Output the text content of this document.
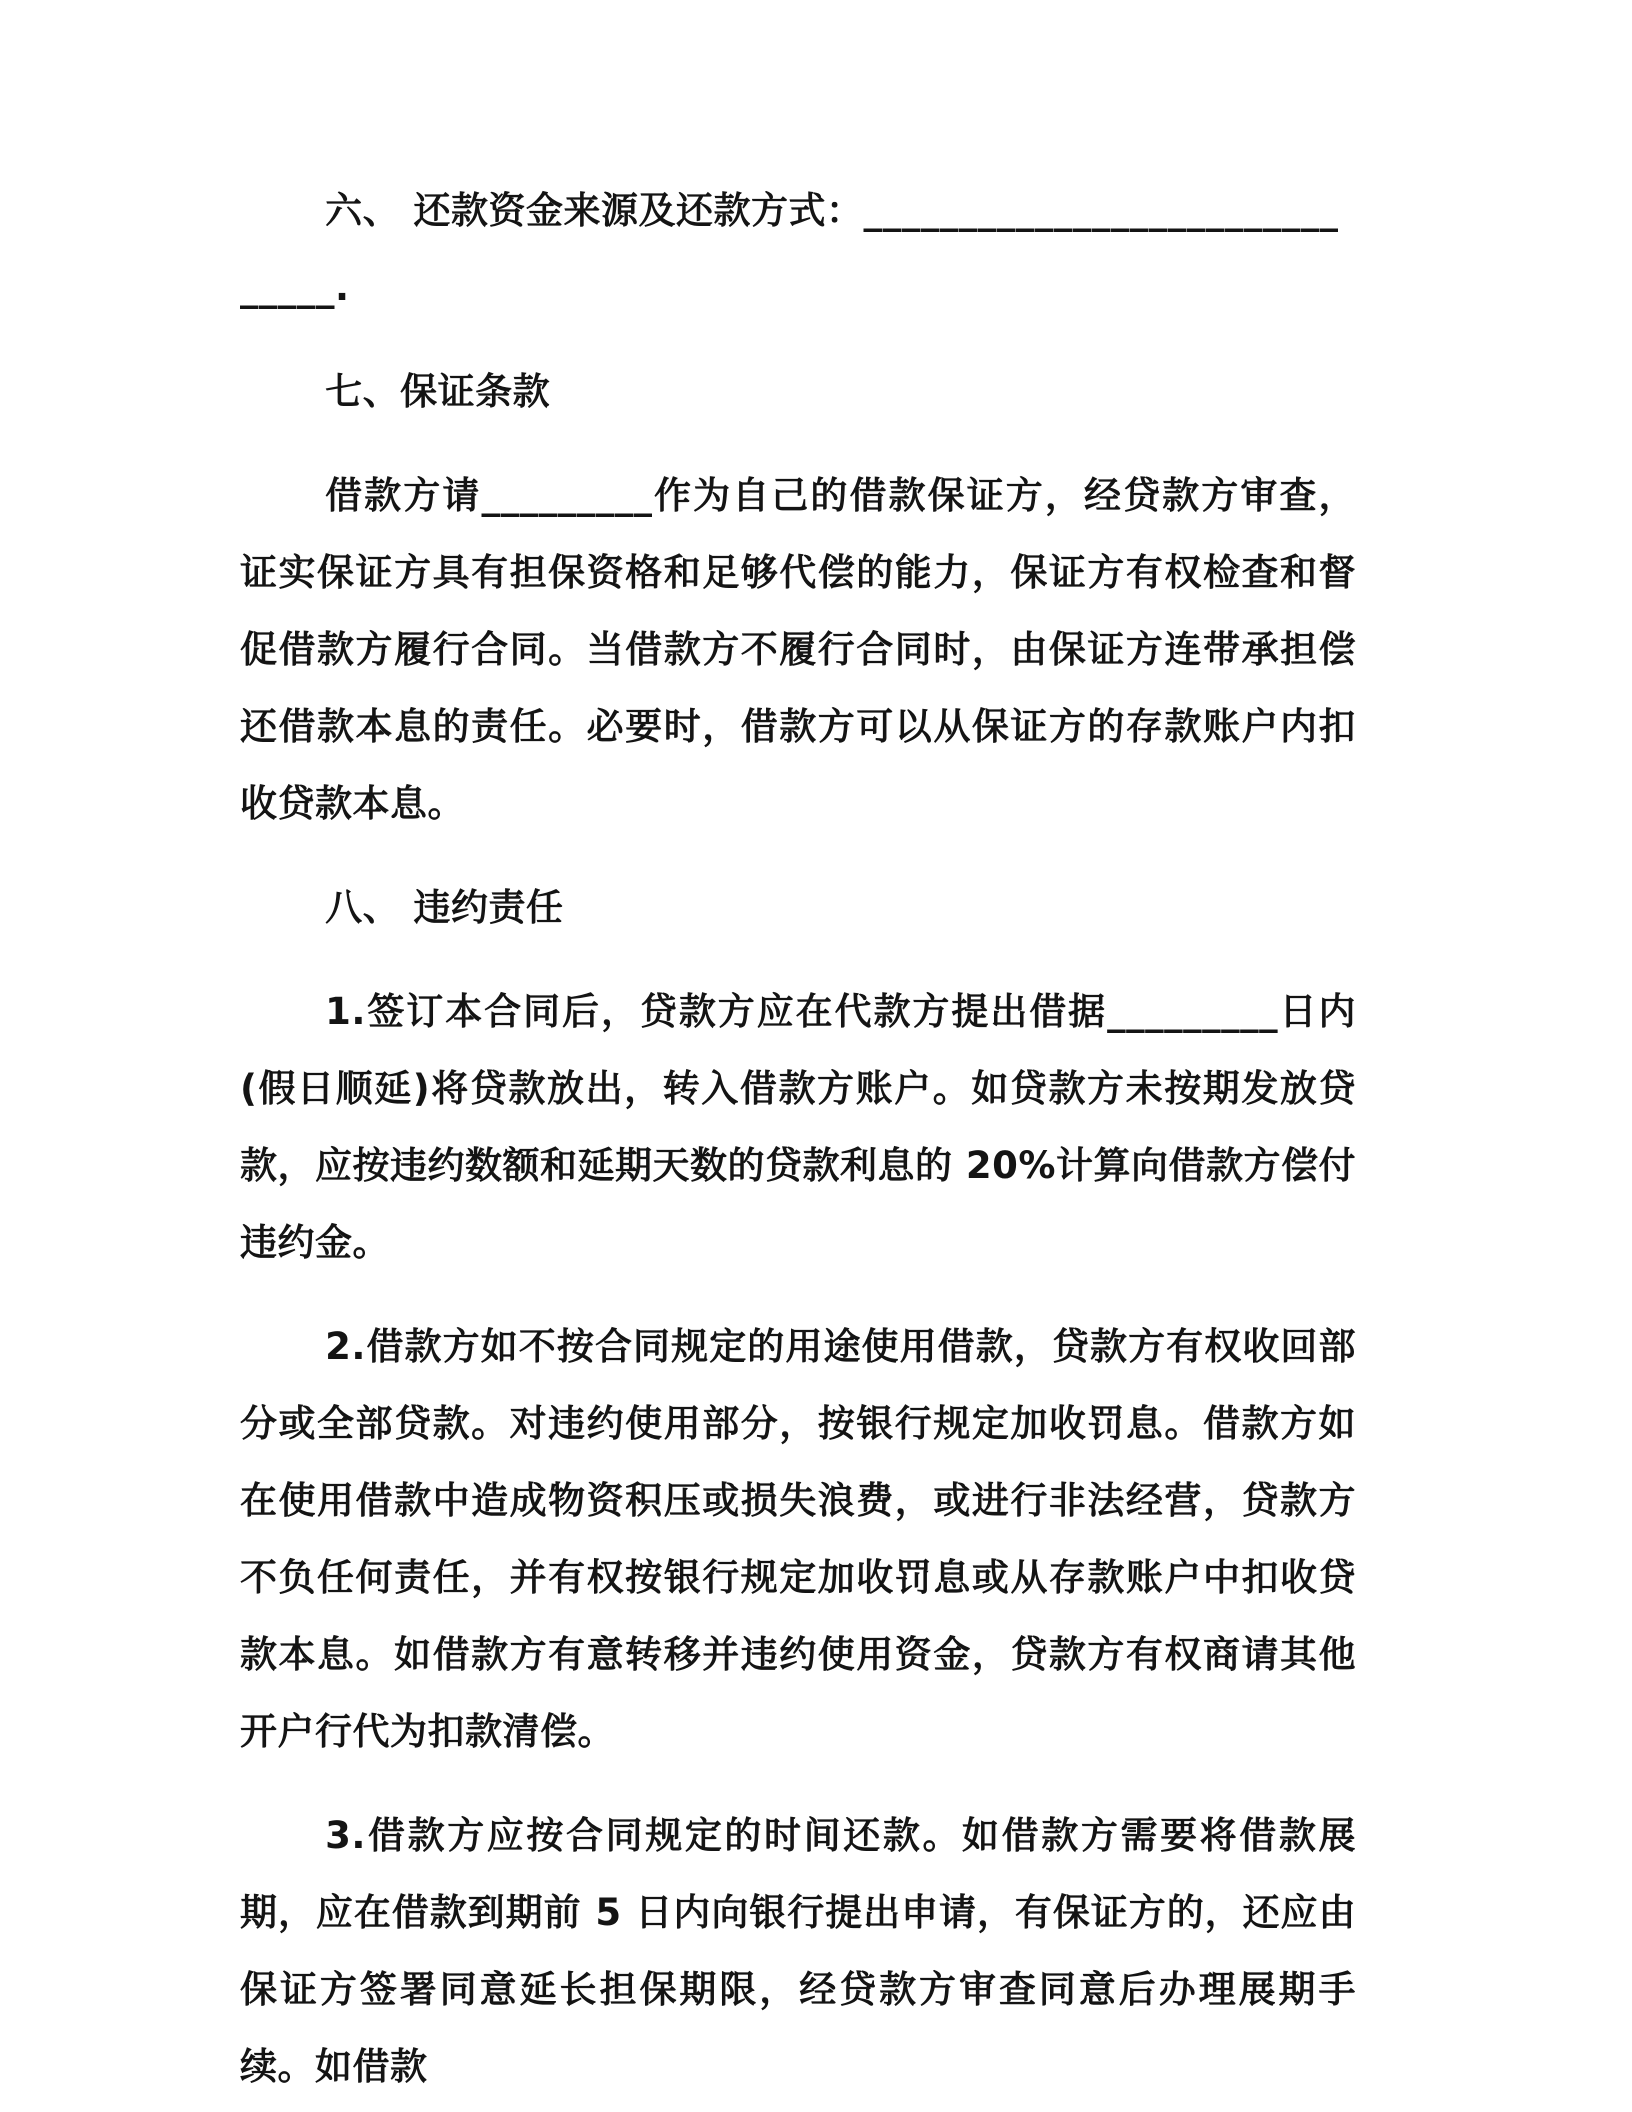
六、 还款资金来源及还款方式：______________________________.

七、保证条款

借款方请_________作为自己的借款保证方，经贷款方审查，证实保证方具有担保资格和足够代偿的能力，保证方有权检查和督促借款方履行合同。当借款方不履行合同时，由保证方连带承担偿还借款本息的责任。必要时，借款方可以从保证方的存款账户内扣收贷款本息。

八、 违约责任

1.签订本合同后，贷款方应在代款方提出借据_________日内(假日顺延)将贷款放出，转入借款方账户。如贷款方未按期发放贷款，应按违约数额和延期天数的贷款利息的 20%计算向借款方偿付违约金。

2.借款方如不按合同规定的用途使用借款，贷款方有权收回部分或全部贷款。对违约使用部分，按银行规定加收罚息。借款方如在使用借款中造成物资积压或损失浪费，或进行非法经营，贷款方不负任何责任，并有权按银行规定加收罚息或从存款账户中扣收贷款本息。如借款方有意转移并违约使用资金，贷款方有权商请其他开户行代为扣款清偿。

3.借款方应按合同规定的时间还款。如借款方需要将借款展期，应在借款到期前 5 日内向银行提出申请，有保证方的，还应由保证方签署同意延长担保期限，经贷款方审查同意后办理展期手续。如借款
